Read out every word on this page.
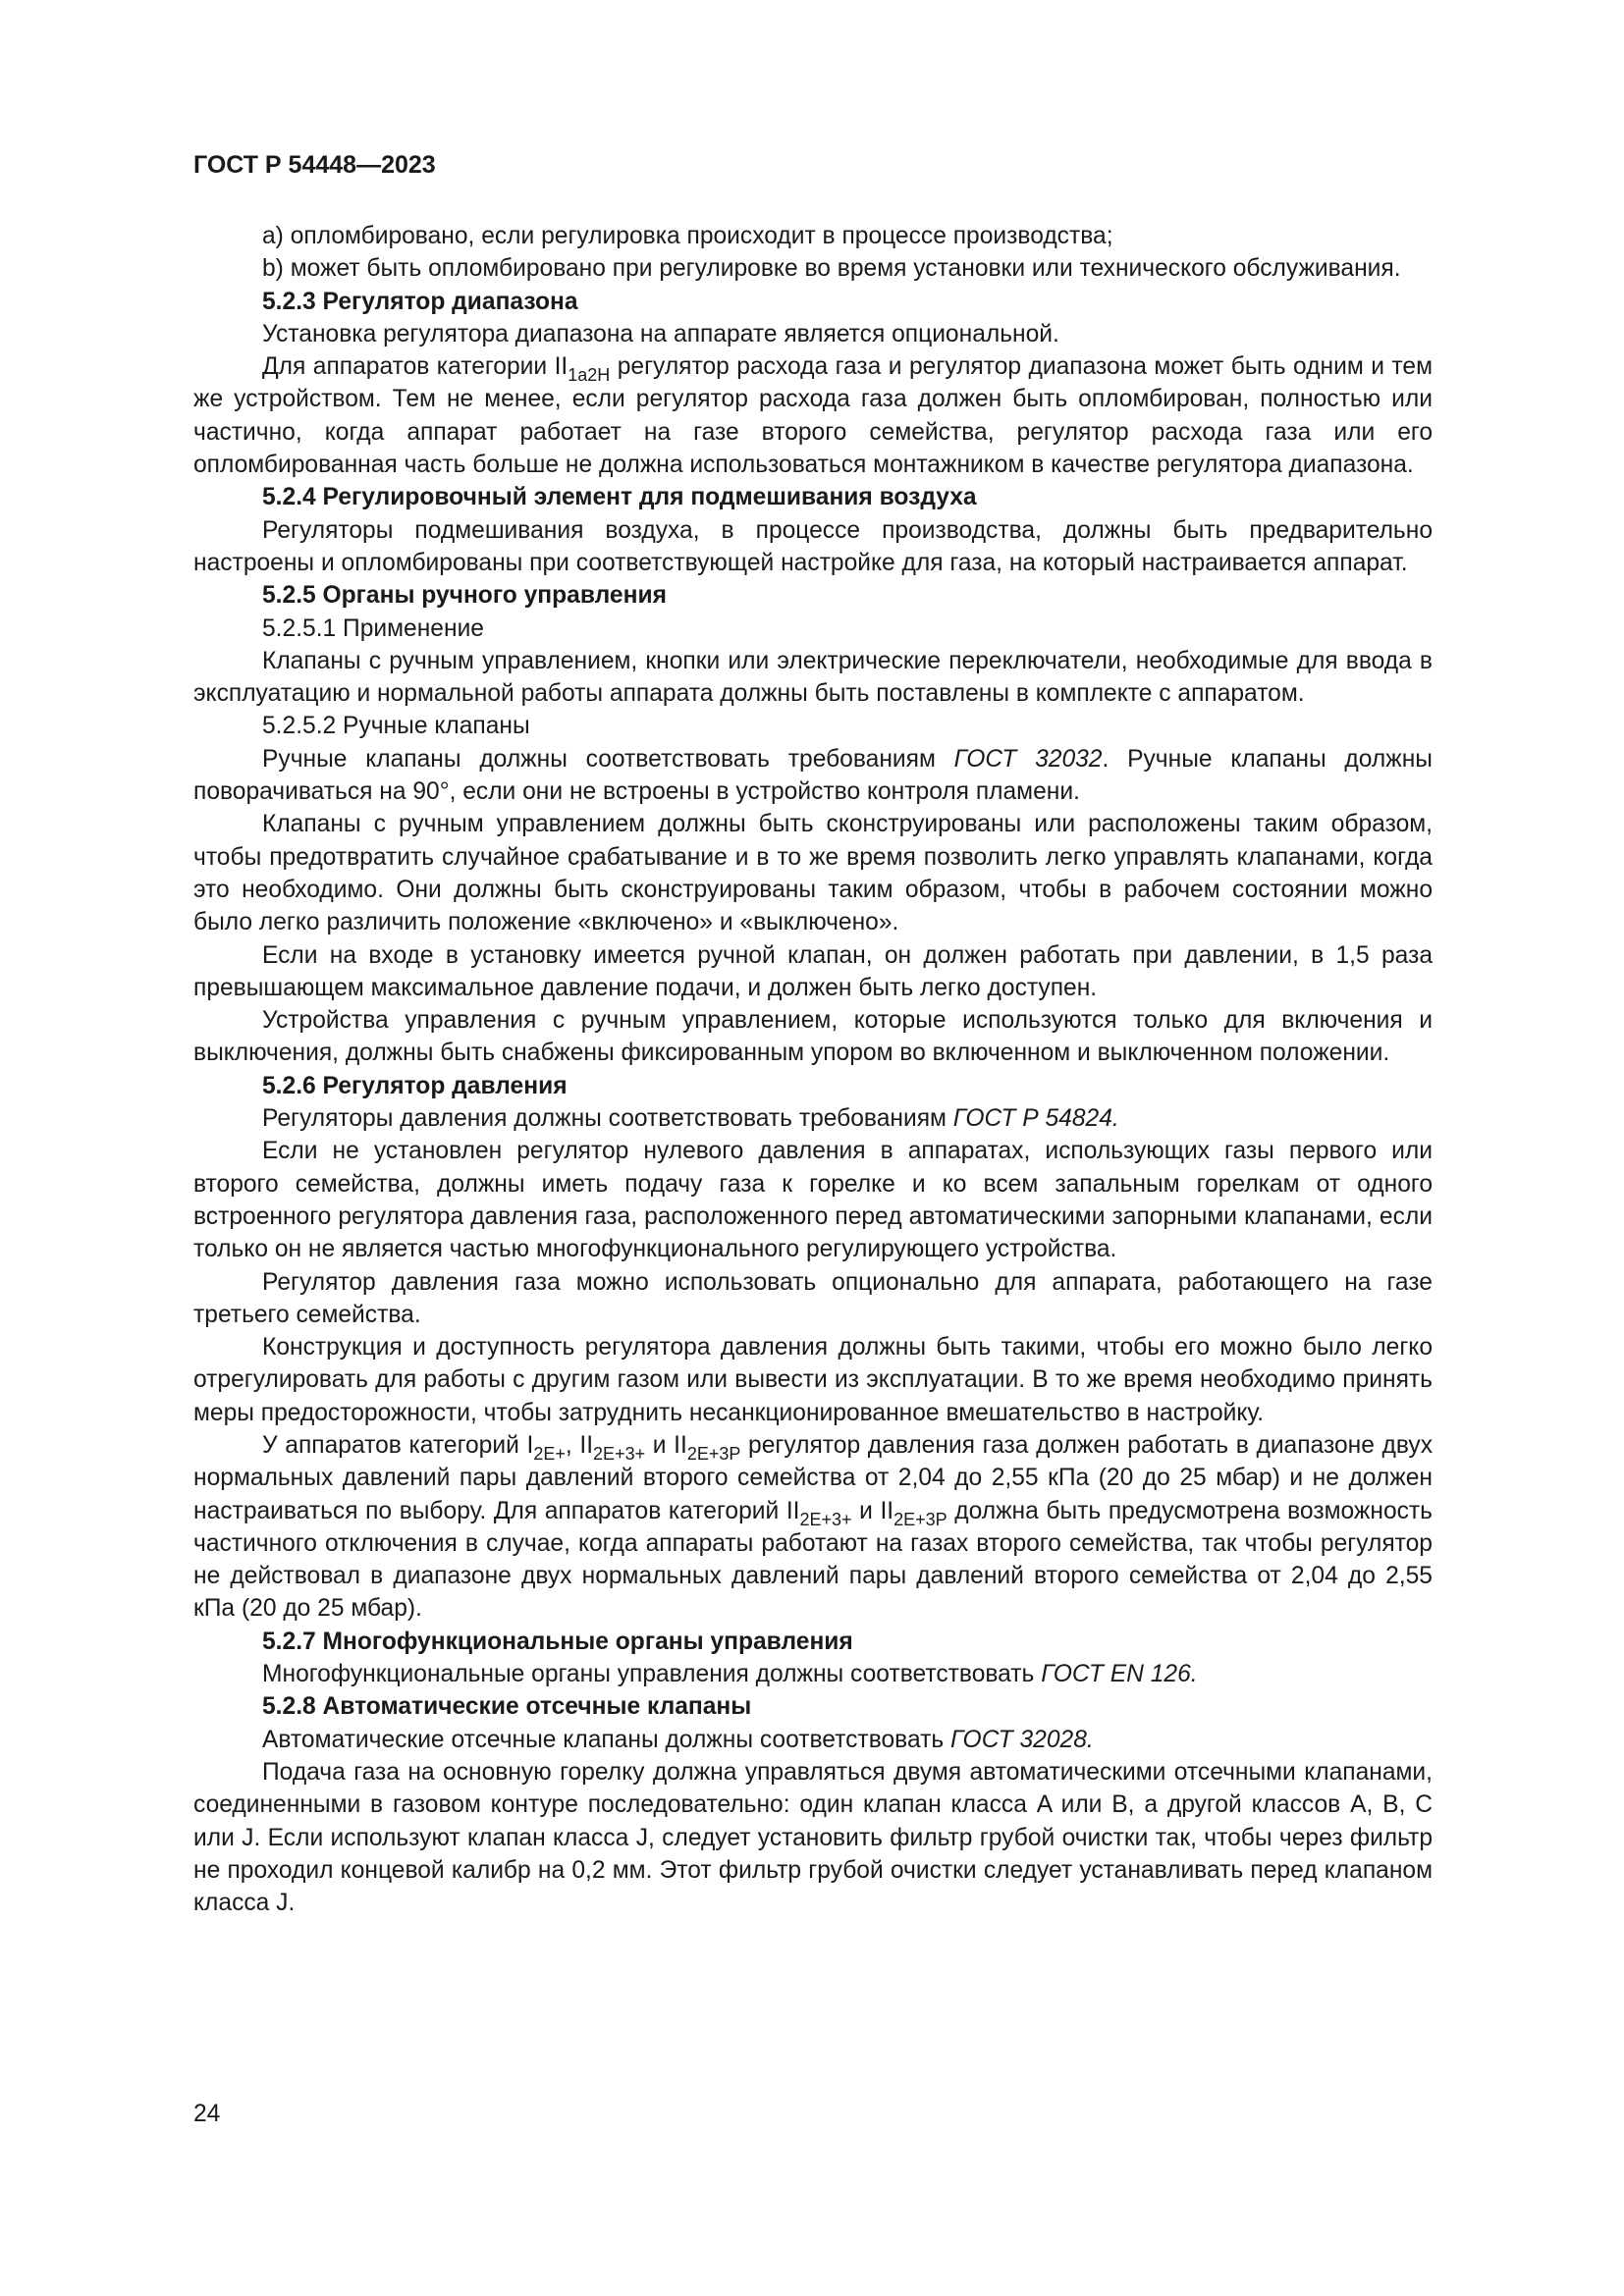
ГОСТ Р 54448—2023

a) опломбировано, если регулировка происходит в процессе производства;

b) может быть опломбировано при регулировке во время установки или технического обслуживания.

5.2.3 Регулятор диапазона

Установка регулятора диапазона на аппарате является опциональной.

Для аппаратов категории $II_{1a2H}$ регулятор расхода газа и регулятор диапазона может быть одним и тем же устройством. Тем не менее, если регулятор расхода газа должен быть опломбирован, полностью или частично, когда аппарат работает на газе второго семейства, регулятор расхода газа или его опломбированная часть больше не должна использоваться монтажником в качестве регулятора диапазона.

5.2.4 Регулировочный элемент для подмешивания воздуха

Регуляторы подмешивания воздуха, в процессе производства, должны быть предварительно настроены и опломбированы при соответствующей настройке для газа, на который настраивается аппарат.

5.2.5 Органы ручного управления

5.2.5.1 Применение

Клапаны с ручным управлением, кнопки или электрические переключатели, необходимые для ввода в эксплуатацию и нормальной работы аппарата должны быть поставлены в комплекте с аппаратом.

5.2.5.2 Ручные клапаны

Ручные клапаны должны соответствовать требованиям ГОСТ 32032. Ручные клапаны должны поворачиваться на 90°, если они не встроены в устройство контроля пламени.

Клапаны с ручным управлением должны быть сконструированы или расположены таким образом, чтобы предотвратить случайное срабатывание и в то же время позволить легко управлять клапанами, когда это необходимо. Они должны быть сконструированы таким образом, чтобы в рабочем состоянии можно было легко различить положение «включено» и «выключено».

Если на входе в установку имеется ручной клапан, он должен работать при давлении, в 1,5 раза превышающем максимальное давление подачи, и должен быть легко доступен.

Устройства управления с ручным управлением, которые используются только для включения и выключения, должны быть снабжены фиксированным упором во включенном и выключенном положении.

5.2.6 Регулятор давления

Регуляторы давления должны соответствовать требованиям ГОСТ Р 54824.

Если не установлен регулятор нулевого давления в аппаратах, использующих газы первого или второго семейства, должны иметь подачу газа к горелке и ко всем запальным горелкам от одного встроенного регулятора давления газа, расположенного перед автоматическими запорными клапанами, если только он не является частью многофункционального регулирующего устройства.

Регулятор давления газа можно использовать опционально для аппарата, работающего на газе третьего семейства.

Конструкция и доступность регулятора давления должны быть такими, чтобы его можно было легко отрегулировать для работы с другим газом или вывести из эксплуатации. В то же время необходимо принять меры предосторожности, чтобы затруднить несанкционированное вмешательство в настройку.

У аппаратов категорий $I_{2E+}$, $II_{2E+3+}$ и $II_{2E+3P}$ регулятор давления газа должен работать в диапазоне двух нормальных давлений пары давлений второго семейства от 2,04 до 2,55 кПа (20 до 25 мбар) и не должен настраиваться по выбору. Для аппаратов категорий $II_{2E+3+}$ и $II_{2E+3P}$ должна быть предусмотрена возможность частичного отключения в случае, когда аппараты работают на газах второго семейства, так чтобы регулятор не действовал в диапазоне двух нормальных давлений пары давлений второго семейства от 2,04 до 2,55 кПа (20 до 25 мбар).

5.2.7 Многофункциональные органы управления

Многофункциональные органы управления должны соответствовать ГОСТ EN 126.

5.2.8 Автоматические отсечные клапаны

Автоматические отсечные клапаны должны соответствовать ГОСТ 32028.

Подача газа на основную горелку должна управляться двумя автоматическими отсечными клапанами, соединенными в газовом контуре последовательно: один клапан класса A или B, а другой классов A, B, C или J. Если используют клапан класса J, следует установить фильтр грубой очистки так, чтобы через фильтр не проходил концевой калибр на 0,2 мм. Этот фильтр грубой очистки следует устанавливать перед клапаном класса J.

24
